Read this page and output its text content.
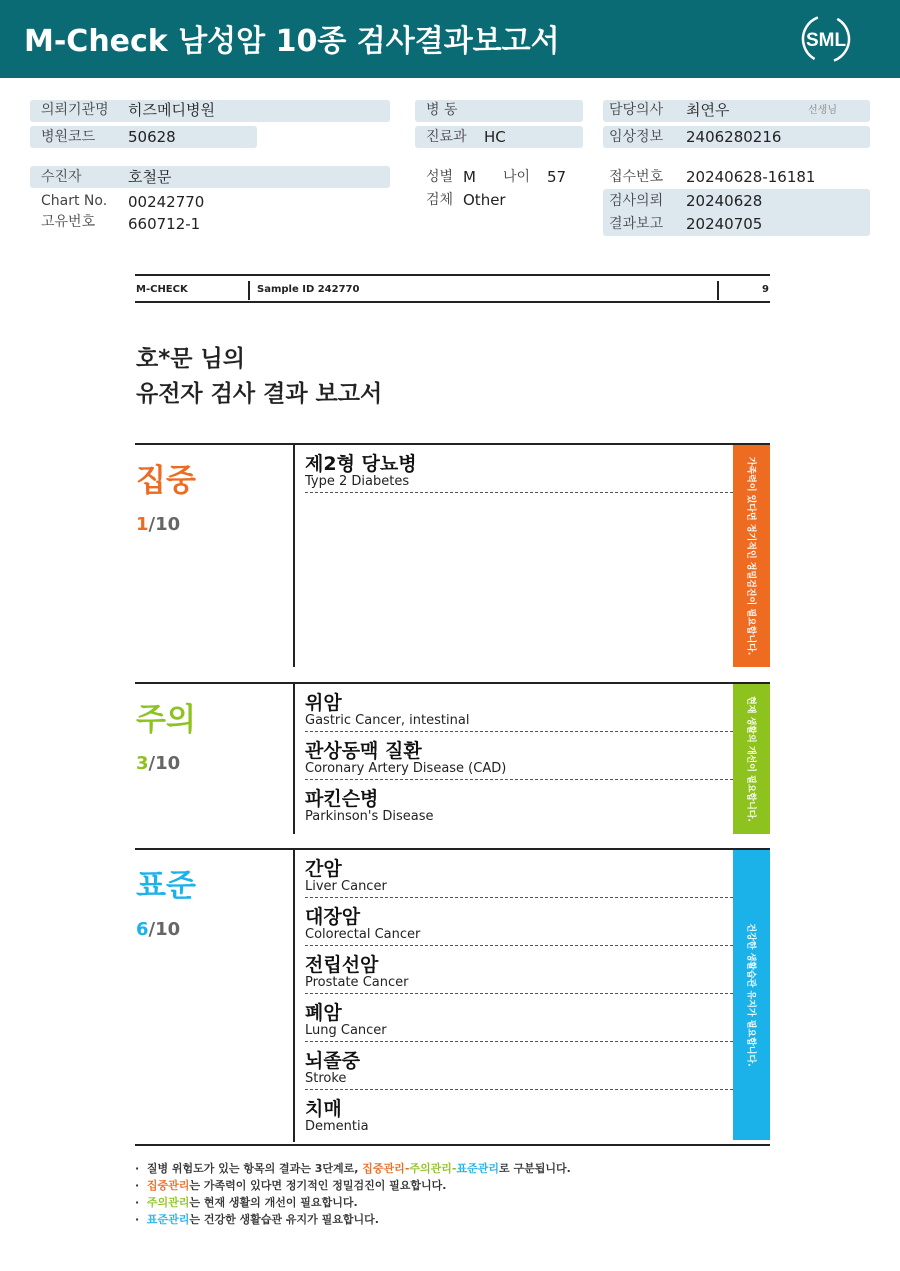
M-Check 남성암 10종 검사결과보고서	SML
의뢰기관명 히즈메디병원
병원코드 50628
병 동
진료과 HC
담당의사 최연우	선생님
임상정보 2406280216
수진자	호철문
Chart No. 00242770
고유번호 660712-1
성별 M 나이 57
검체 Other
접수번호 20240628-16181
검사의뢰 20240628
결과보고 20240705
M-CHECK	Sample ID 242770	9
호*문 님의
유전자 검사 결과 보고서
집중
1/10	가족력이 있다면 정기적인 정밀검진이 필요합니다.
제2형 당뇨병
Type 2 Diabetes
주의
3/10	현재 생활의 개선이 필요합니다.
위암
Gastric Cancer, intestinal
관상동맥 질환
Coronary Artery Disease (CAD)
파킨슨병
Parkinson's Disease
표준
6/10	건강한 생활습관 유지가 필요합니다.
간암
Liver Cancer
대장암
Colorectal Cancer
전립선암
Prostate Cancer
폐암
Lung Cancer
뇌졸중
Stroke
치매
Dementia
·  질병 위험도가 있는 항목의 결과는 3단계로, 집중관리-주의관리-표준관리로 구분됩니다.
·  집중관리는 가족력이 있다면 정기적인 정밀검진이 필요합니다.
·  주의관리는 현재 생활의 개선이 필요합니다.
·  표준관리는 건강한 생활습관 유지가 필요합니다.
